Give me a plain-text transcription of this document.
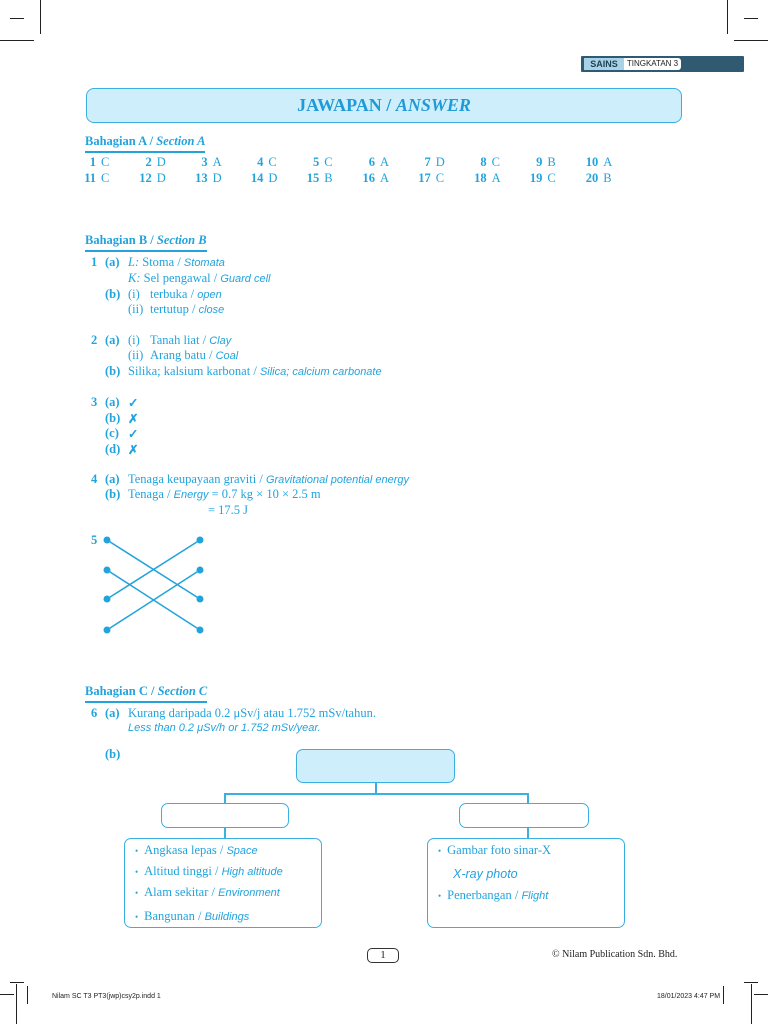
SAINS	TINGKATAN 3
JAWAPAN / ANSWER
Bahagian A / Section A
1 C	2 D	3 A	4 C	5 C	6 A	7 D	8 C	9 B	10 A
11 C	12 D	13 D	14 D	15 B	16 A	17 C	18 A	19 C	20 B
Bahagian B / Section B
1 (a) L: Stoma / Stomata
K: Sel pengawal / Guard cell
(b) (i) terbuka / open
(ii) tertutup / close
2 (a) (i) Tanah liat / Clay
(ii) Arang batu / Coal
(b) Silika; kalsium karbonat / Silica; calcium carbonate
3 (a) ✓
(b) ✗
(c) ✓
(d) ✗
4 (a) Tenaga keupayaan graviti / Gravitational potential energy
(b) Tenaga / Energy = 0.7 kg × 10 × 2.5 m
= 17.5 J
5
Bahagian C / Section C
6 (a) Kurang daripada 0.2 μSv/j atau 1.752 mSv/tahun.
Less than 0.2 μSv/h or 1.752 mSv/year.
(b)
• Angkasa lepas / Space
• Altitud tinggi / High altitude
• Alam sekitar / Environment
• Bangunan / Buildings
• Gambar foto sinar-X
X-ray photo
• Penerbangan / Flight
1	© Nilam Publication Sdn. Bhd.
Nilam SC T3 PT3(jwp)csy2p.indd 1	18/01/2023 4:47 PM
